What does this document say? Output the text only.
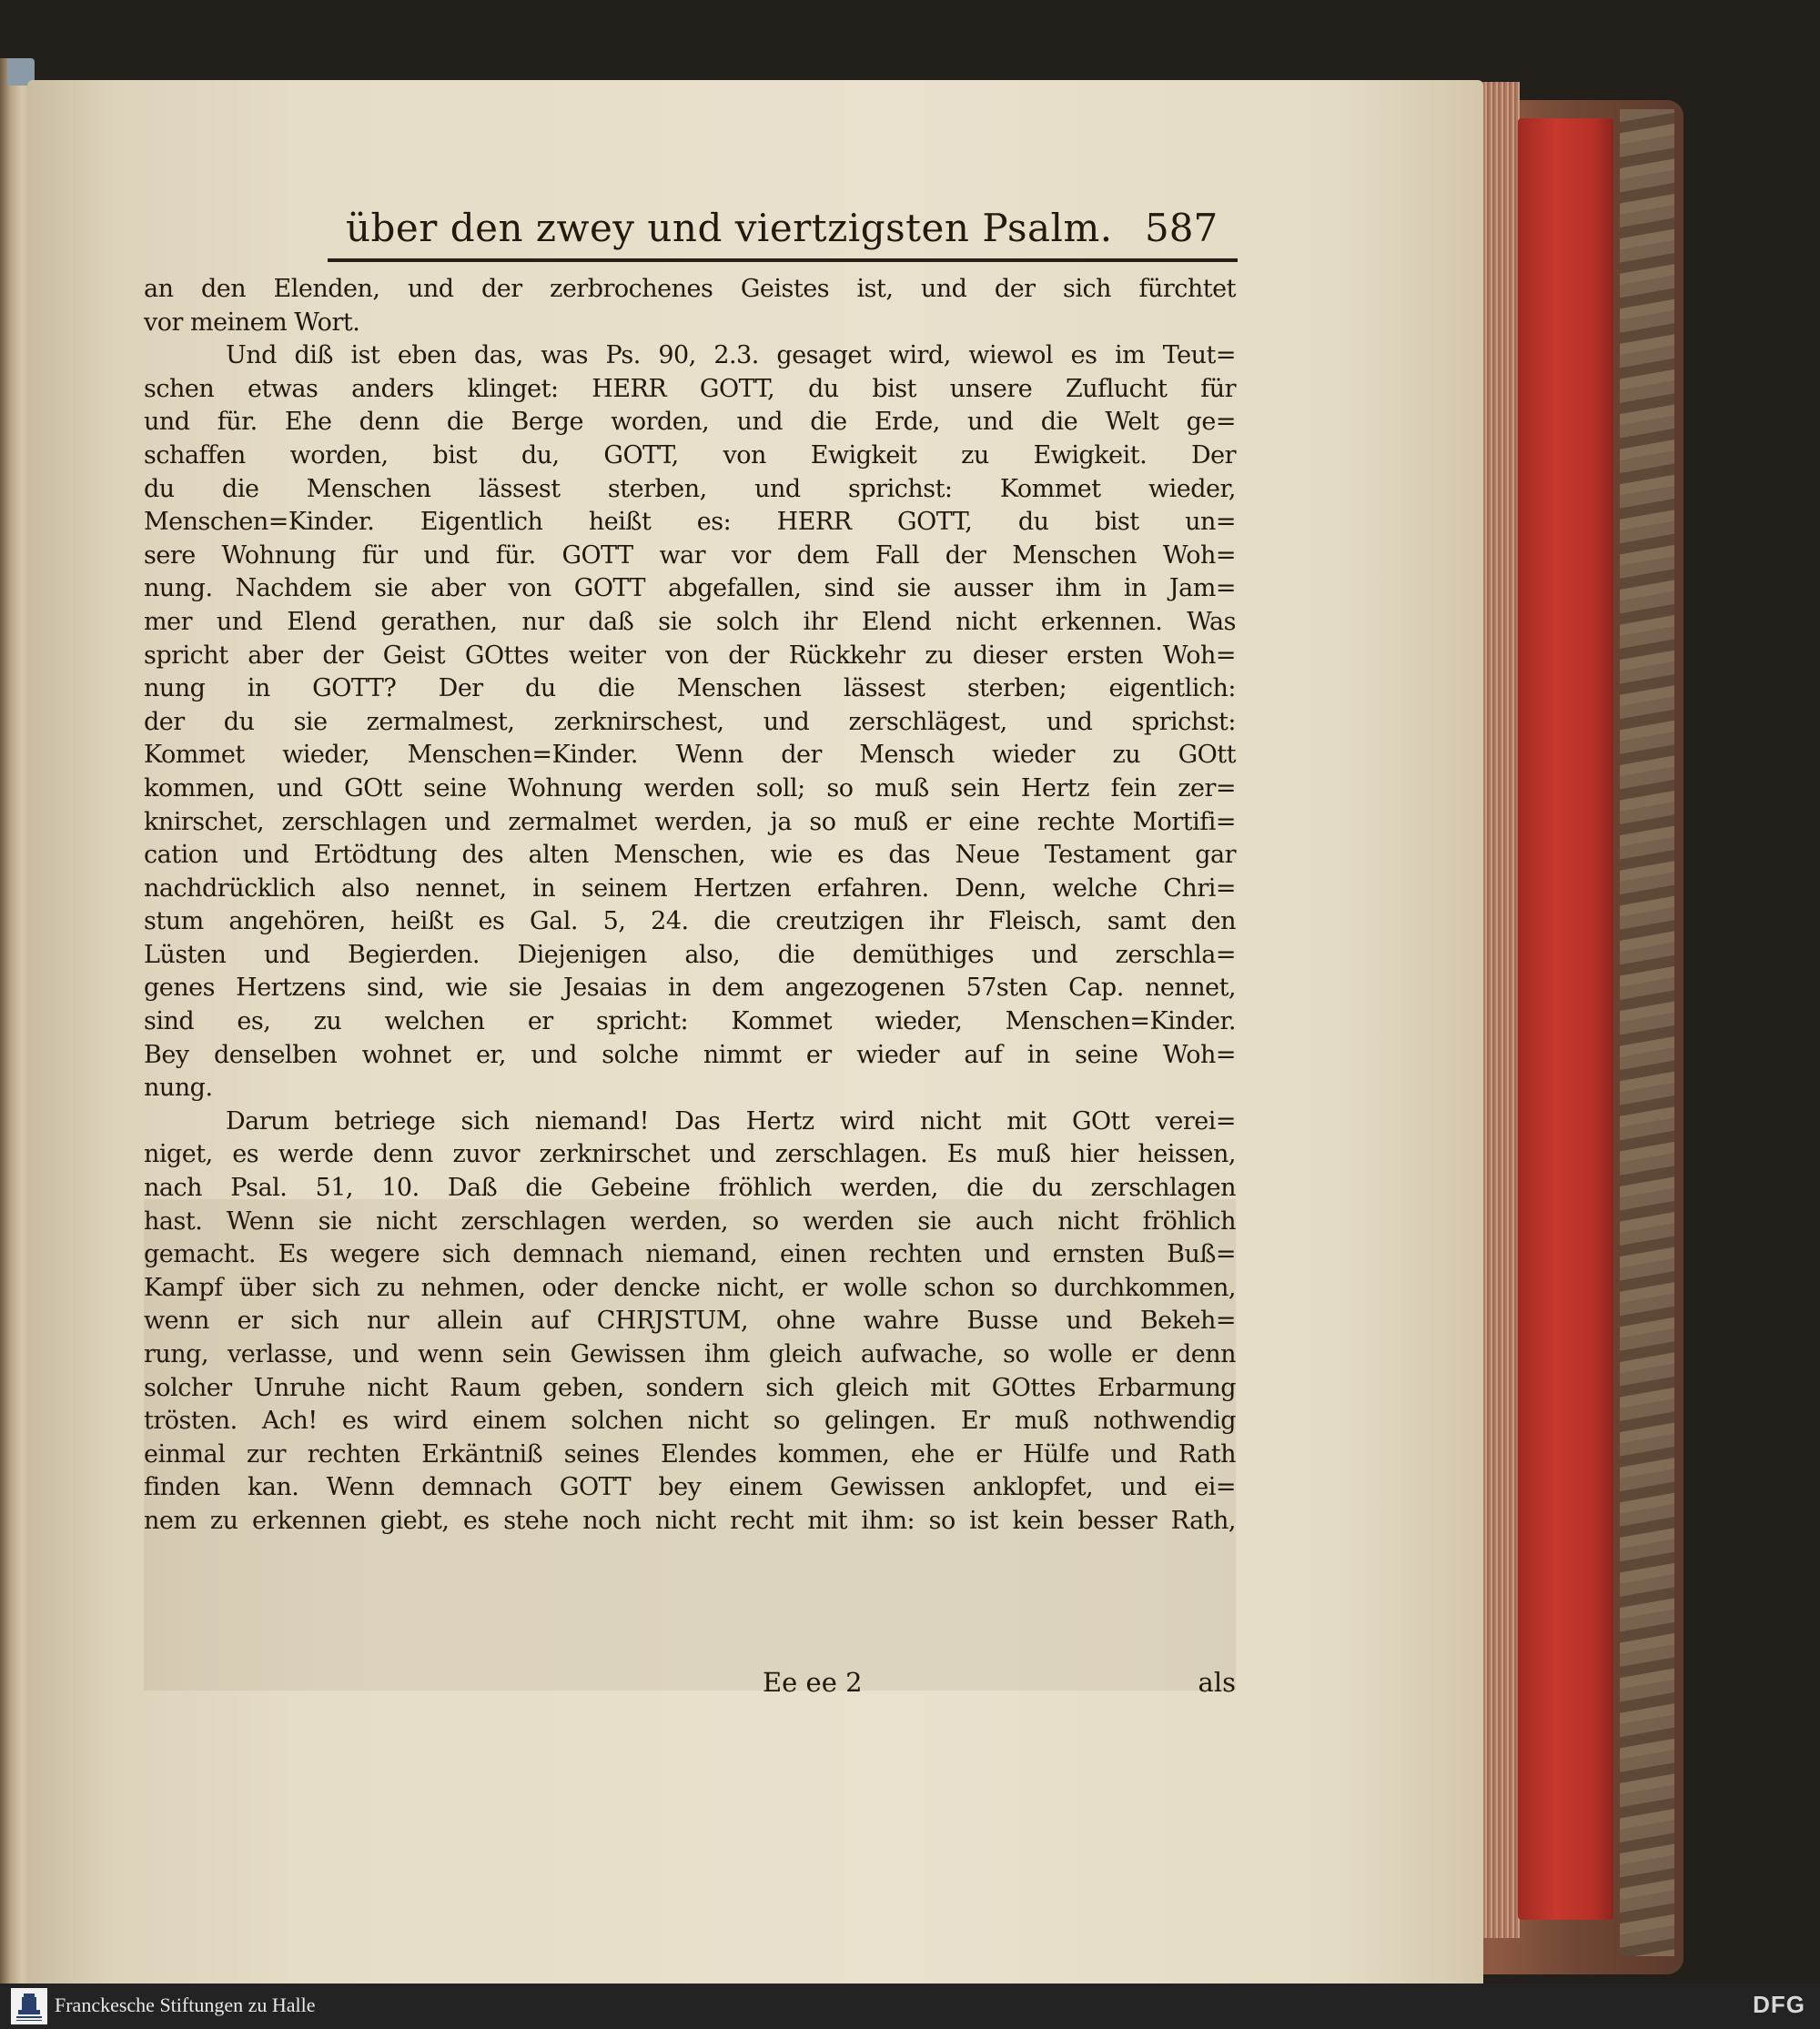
über den zwey und viertzigsten Psalm. 587
an den Elenden, und der zerbrochenes Geistes ist, und der sich fürchtet
vor meinem Wort.
Und diß ist eben das, was Ps. 90, 2.3. gesaget wird, wiewol es im Teut=
schen etwas anders klinget: HERR GOTT, du bist unsere Zuflucht für
und für. Ehe denn die Berge worden, und die Erde, und die Welt ge=
schaffen worden, bist du, GOTT, von Ewigkeit zu Ewigkeit. Der
du die Menschen lässest sterben, und sprichst: Kommet wieder,
Menschen=Kinder. Eigentlich heißt es: HERR GOTT, du bist un=
sere Wohnung für und für. GOTT war vor dem Fall der Menschen Woh=
nung. Nachdem sie aber von GOTT abgefallen, sind sie ausser ihm in Jam=
mer und Elend gerathen, nur daß sie solch ihr Elend nicht erkennen. Was
spricht aber der Geist GOttes weiter von der Rückkehr zu dieser ersten Woh=
nung in GOTT? Der du die Menschen lässest sterben; eigentlich:
der du sie zermalmest, zerknirschest, und zerschlägest, und sprichst:
Kommet wieder, Menschen=Kinder. Wenn der Mensch wieder zu GOtt
kommen, und GOtt seine Wohnung werden soll; so muß sein Hertz fein zer=
knirschet, zerschlagen und zermalmet werden, ja so muß er eine rechte Mortifi=
cation und Ertödtung des alten Menschen, wie es das Neue Testament gar
nachdrücklich also nennet, in seinem Hertzen erfahren. Denn, welche Chri=
stum angehören, heißt es Gal. 5, 24. die creutzigen ihr Fleisch, samt den
Lüsten und Begierden. Diejenigen also, die demüthiges und zerschla=
genes Hertzens sind, wie sie Jesaias in dem angezogenen 57sten Cap. nennet,
sind es, zu welchen er spricht: Kommet wieder, Menschen=Kinder.
Bey denselben wohnet er, und solche nimmt er wieder auf in seine Woh=
nung.
Darum betriege sich niemand! Das Hertz wird nicht mit GOtt verei=
niget, es werde denn zuvor zerknirschet und zerschlagen. Es muß hier heissen,
nach Psal. 51, 10. Daß die Gebeine fröhlich werden, die du zerschlagen
hast. Wenn sie nicht zerschlagen werden, so werden sie auch nicht fröhlich
gemacht. Es wegere sich demnach niemand, einen rechten und ernsten Buß=
Kampf über sich zu nehmen, oder dencke nicht, er wolle schon so durchkommen,
wenn er sich nur allein auf CHRJSTUM, ohne wahre Busse und Bekeh=
rung, verlasse, und wenn sein Gewissen ihm gleich aufwache, so wolle er denn
solcher Unruhe nicht Raum geben, sondern sich gleich mit GOttes Erbarmung
trösten. Ach! es wird einem solchen nicht so gelingen. Er muß nothwendig
einmal zur rechten Erkäntniß seines Elendes kommen, ehe er Hülfe und Rath
finden kan. Wenn demnach GOTT bey einem Gewissen anklopfet, und ei=
nem zu erkennen giebt, es stehe noch nicht recht mit ihm: so ist kein besser Rath,
Ee ee 2	als
Franckesche Stiftungen zu Halle	DFG
